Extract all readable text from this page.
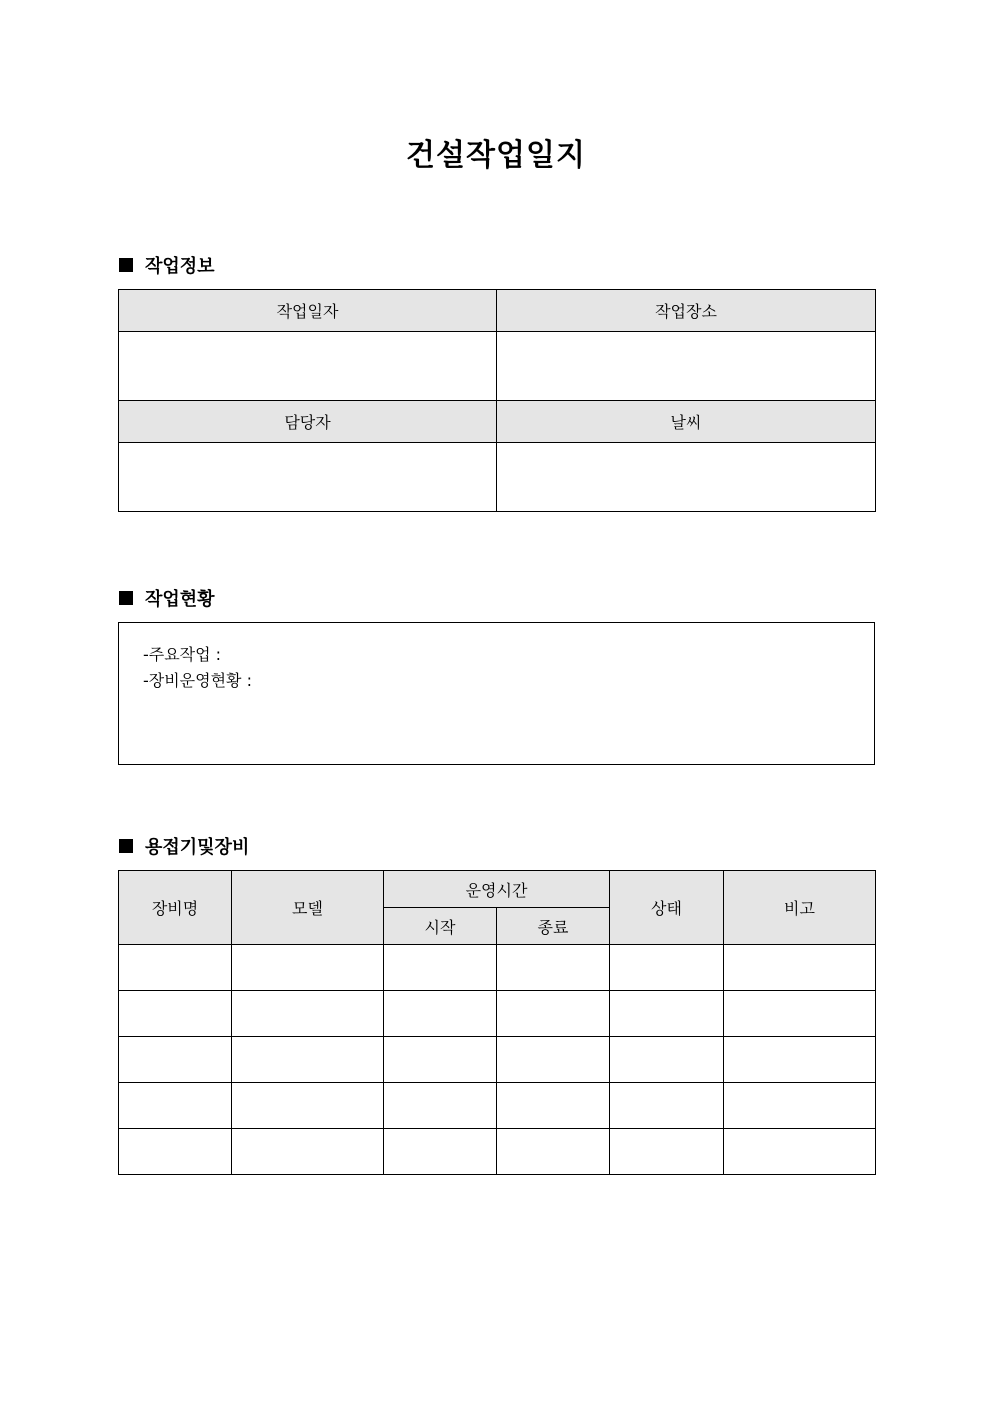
건설작업일지
작업정보
작업일자	작업장소

담당자	날씨

작업현황
-주요작업 :
-장비운영현황 :
용접기및장비
장비명	모델	운영시간		상태	비고
		시작	종료		
